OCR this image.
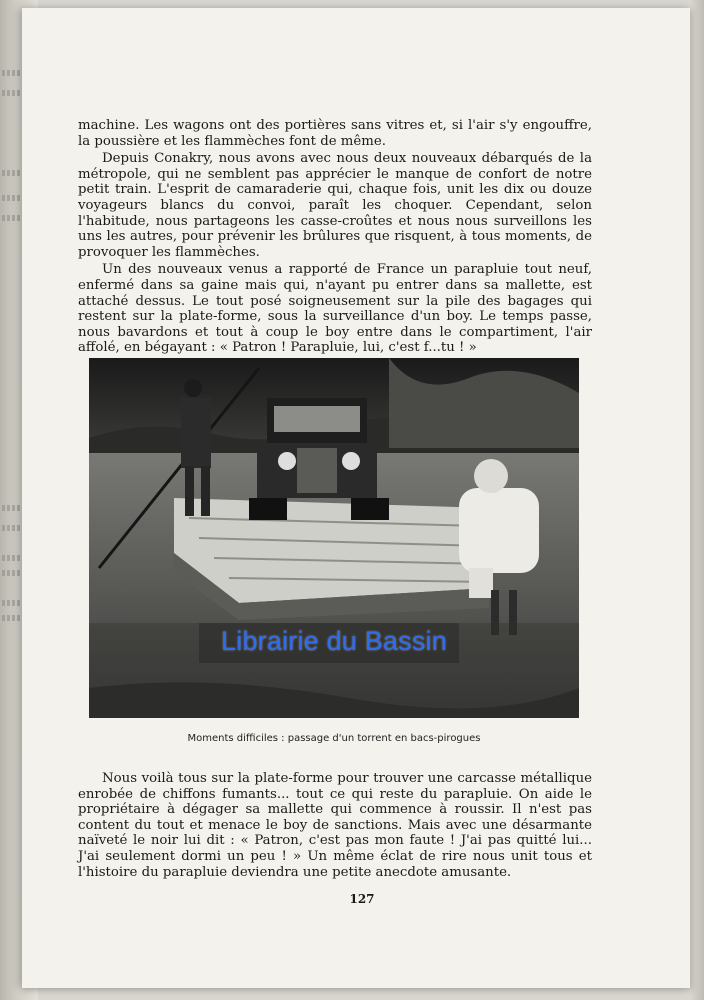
machine. Les wagons ont des portières sans vitres et, si l'air s'y engouffre, la poussière et les flammèches font de même.

Depuis Conakry, nous avons avec nous deux nouveaux débarqués de la métropole, qui ne semblent pas apprécier le manque de confort de notre petit train. L'esprit de camaraderie qui, chaque fois, unit les dix ou douze voyageurs blancs du convoi, paraît les choquer. Cependant, selon l'habitude, nous partageons les casse-croûtes et nous nous surveillons les uns les autres, pour prévenir les brûlures que risquent, à tous moments, de provoquer les flammèches.

Un des nouveaux venus a rapporté de France un parapluie tout neuf, enfermé dans sa gaine mais qui, n'ayant pu entrer dans sa mallette, est attaché dessus. Le tout posé soigneusement sur la pile des bagages qui restent sur la plate-forme, sous la surveillance d'un boy. Le temps passe, nous bavardons et tout à coup le boy entre dans le compartiment, l'air affolé, en bégayant : « Patron ! Parapluie, lui, c'est f...tu ! »

Librairie du Bassin
Moments difficiles : passage d'un torrent en bacs-pirogues

Nous voilà tous sur la plate-forme pour trouver une carcasse métallique enrobée de chiffons fumants... tout ce qui reste du parapluie. On aide le propriétaire à dégager sa mallette qui commence à roussir. Il n'est pas content du tout et menace le boy de sanctions. Mais avec une désarmante naïveté le noir lui dit : « Patron, c'est pas mon faute ! J'ai pas quitté lui... J'ai seulement dormi un peu ! » Un même éclat de rire nous unit tous et l'histoire du parapluie deviendra une petite anecdote amusante.

127
